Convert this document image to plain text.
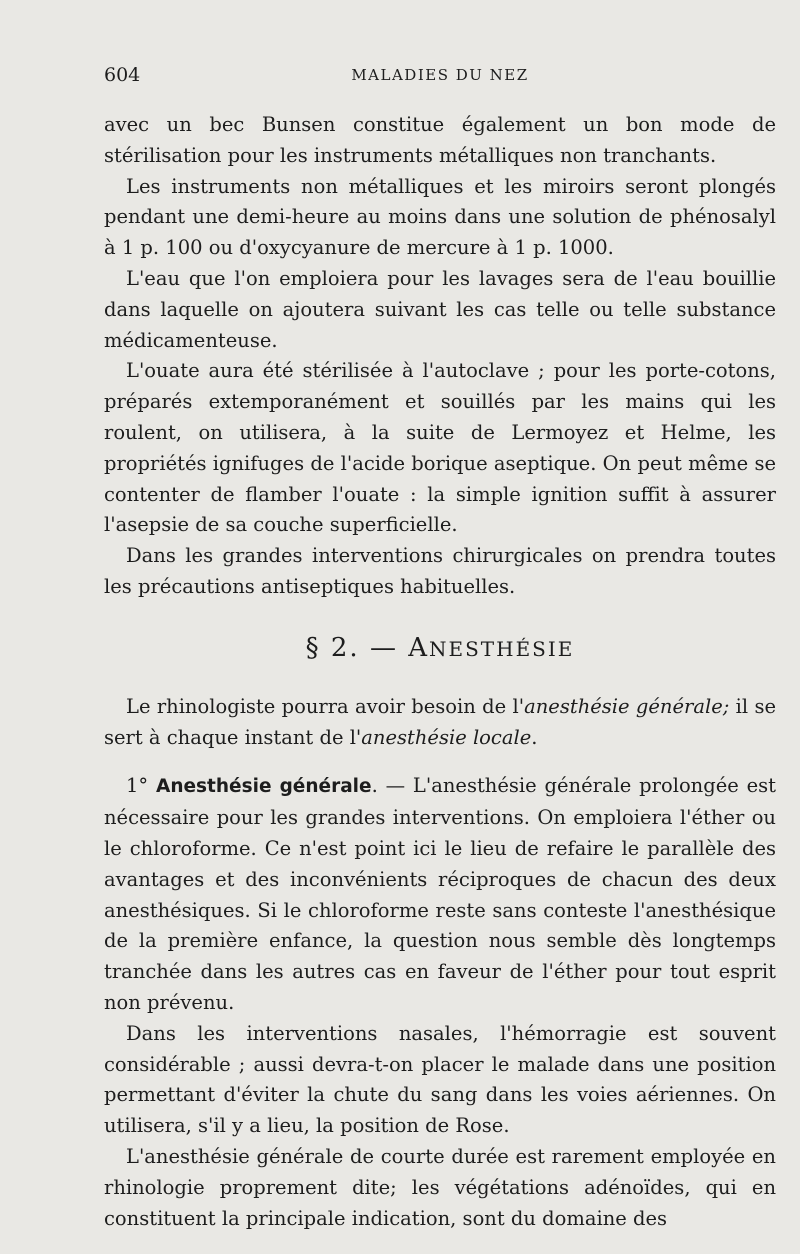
604	MALADIES DU NEZ

avec un bec Bunsen constitue également un bon mode de stérilisation pour les instruments métalliques non tranchants.

Les instruments non métalliques et les miroirs seront plongés pendant une demi-heure au moins dans une solution de phénosalyl à 1 p. 100 ou d'oxycyanure de mercure à 1 p. 1000.

L'eau que l'on emploiera pour les lavages sera de l'eau bouillie dans laquelle on ajoutera suivant les cas telle ou telle substance médicamenteuse.

L'ouate aura été stérilisée à l'autoclave ; pour les porte-cotons, préparés extemporanément et souillés par les mains qui les roulent, on utilisera, à la suite de Lermoyez et Helme, les propriétés ignifuges de l'acide borique aseptique. On peut même se contenter de flamber l'ouate : la simple ignition suffit à assurer l'asepsie de sa couche superficielle.

Dans les grandes interventions chirurgicales on prendra toutes les précautions antiseptiques habituelles.

§ 2. — ANESTHÉSIE

Le rhinologiste pourra avoir besoin de l'anesthésie générale; il se sert à chaque instant de l'anesthésie locale.

1° Anesthésie générale. — L'anesthésie générale prolongée est nécessaire pour les grandes interventions. On emploiera l'éther ou le chloroforme. Ce n'est point ici le lieu de refaire le parallèle des avantages et des inconvénients réciproques de chacun des deux anesthésiques. Si le chloroforme reste sans conteste l'anesthésique de la première enfance, la question nous semble dès longtemps tranchée dans les autres cas en faveur de l'éther pour tout esprit non prévenu.

Dans les interventions nasales, l'hémorragie est souvent considérable ; aussi devra-t-on placer le malade dans une position permettant d'éviter la chute du sang dans les voies aériennes. On utilisera, s'il y a lieu, la position de Rose.

L'anesthésie générale de courte durée est rarement employée en rhinologie proprement dite; les végétations adénoïdes, qui en constituent la principale indication, sont du domaine des
